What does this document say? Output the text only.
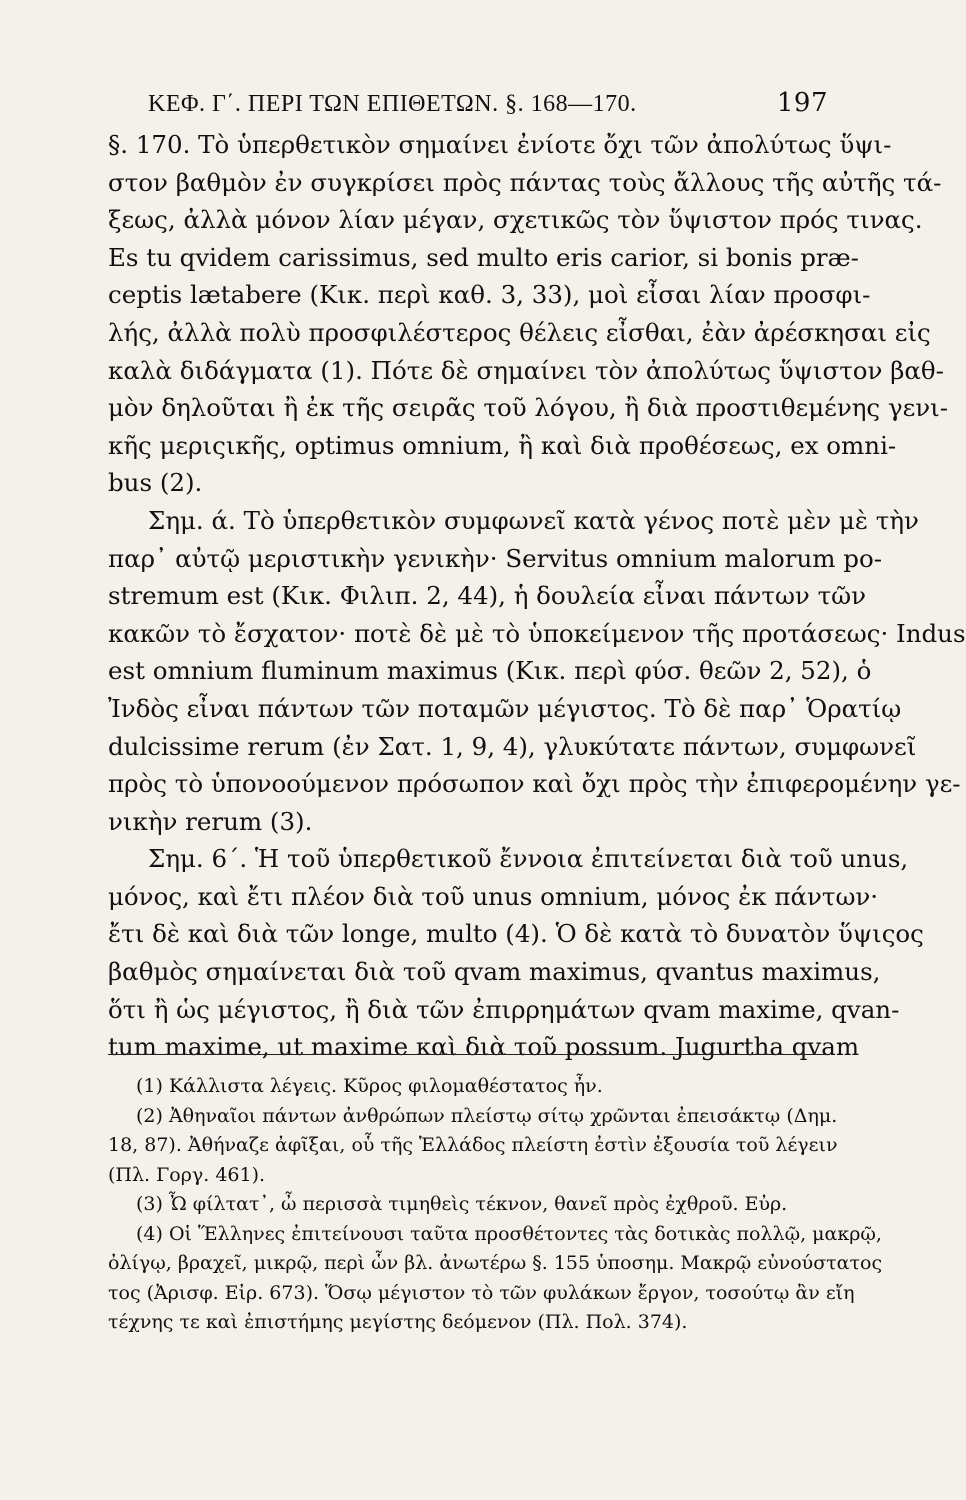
ΚΕΦ. Γ΄. ΠΕΡΙ ΤΩΝ ΕΠΙΘΕΤΩΝ. §. 168—170.	197
§. 170. Τὸ ὑπερθετικὸν σημαίνει ἐνίοτε ὄχι τῶν ἀπολύτως ὕψι-
στον βαθμὸν ἐν συγκρίσει πρὸς πάντας τοὺς ἄλλους τῆς αὐτῆς τά-
ξεως, ἀλλὰ μόνον λίαν μέγαν, σχετικῶς τὸν ὕψιστον πρός τινας.
Es tu qvidem carissimus, sed multo eris carior, si bonis præ-
ceptis lætabere (Κικ. περὶ καθ. 3, 33), μοὶ εἶσαι λίαν προσφι-
λής, ἀλλὰ πολὺ προσφιλέστερος θέλεις εἶσθαι, ἐὰν ἀρέσκησαι εἰς
καλὰ διδάγματα (1). Πότε δὲ σημαίνει τὸν ἀπολύτως ὕψιστον βαθ-
μὸν δηλοῦται ἢ ἐκ τῆς σειρᾶς τοῦ λόγου, ἢ διὰ προστιθεμένης γενι-
κῆς μεριςικῆς, optimus omnium, ἢ καὶ διὰ προθέσεως, ex omni-
bus (2).
Σημ. ά. Τὸ ὑπερθετικὸν συμφωνεῖ κατὰ γένος ποτὲ μὲν μὲ τὴν
παρ᾽ αὐτῷ μεριστικὴν γενικὴν· Servitus omnium malorum po-
stremum est (Κικ. Φιλιπ. 2, 44), ἡ δουλεία εἶναι πάντων τῶν
κακῶν τὸ ἔσχατον· ποτὲ δὲ μὲ τὸ ὑποκείμενον τῆς προτάσεως· Indus
est omnium fluminum maximus (Κικ. περὶ φύσ. θεῶν 2, 52), ὁ
Ἰνδὸς εἶναι πάντων τῶν ποταμῶν μέγιστος. Τὸ δὲ παρ᾽ Ὁρατίῳ
dulcissime rerum (ἐν Σατ. 1, 9, 4), γλυκύτατε πάντων, συμφωνεῖ
πρὸς τὸ ὑπονοούμενον πρόσωπον καὶ ὄχι πρὸς τὴν ἐπιφερομένην γε-
νικὴν rerum (3).
Σημ. 6΄. Ἡ τοῦ ὑπερθετικοῦ ἔννοια ἐπιτείνεται διὰ τοῦ unus,
μόνος, καὶ ἔτι πλέον διὰ τοῦ unus omnium, μόνος ἐκ πάντων·
ἔτι δὲ καὶ διὰ τῶν longe, multo (4). Ὁ δὲ κατὰ τὸ δυνατὸν ὕψιςος
βαθμὸς σημαίνεται διὰ τοῦ qvam maximus, qvantus maximus,
ὅτι ἢ ὡς μέγιστος, ἢ διὰ τῶν ἐπιρρημάτων qvam maxime, qvan-
tum maxime, ut maxime καὶ διὰ τοῦ possum. Jugurtha qvam
(1) Κάλλιστα λέγεις. Κῦρος φιλομαθέστατος ἦν.
(2) Ἀθηναῖοι πάντων ἀνθρώπων πλείστῳ σίτῳ χρῶνται ἐπεισάκτῳ (Δημ.
18, 87). Ἀθήναζε ἀφῖξαι, οὗ τῆς Ἑλλάδος πλείστη ἐστὶν ἐξουσία τοῦ λέγειν
(Πλ. Γοργ. 461).
(3) Ὦ φίλτατ᾽, ὦ περισσὰ τιμηθεὶς τέκνον, θανεῖ πρὸς ἐχθροῦ. Εὐρ.
(4) Οἱ Ἕλληνες ἐπιτείνουσι ταῦτα προσθέτοντες τὰς δοτικὰς πολλῷ, μακρῷ,
ὀλίγῳ, βραχεῖ, μικρῷ, περὶ ὧν βλ. ἀνωτέρω §. 155 ὑποσημ. Μακρῷ εὐνούστατος
τος (Ἀρισφ. Εἰρ. 673). Ὅσῳ μέγιστον τὸ τῶν φυλάκων ἔργον, τοσούτῳ ἂν εἴη
τέχνης τε καὶ ἐπιστήμης μεγίστης δεόμενον (Πλ. Πολ. 374).
